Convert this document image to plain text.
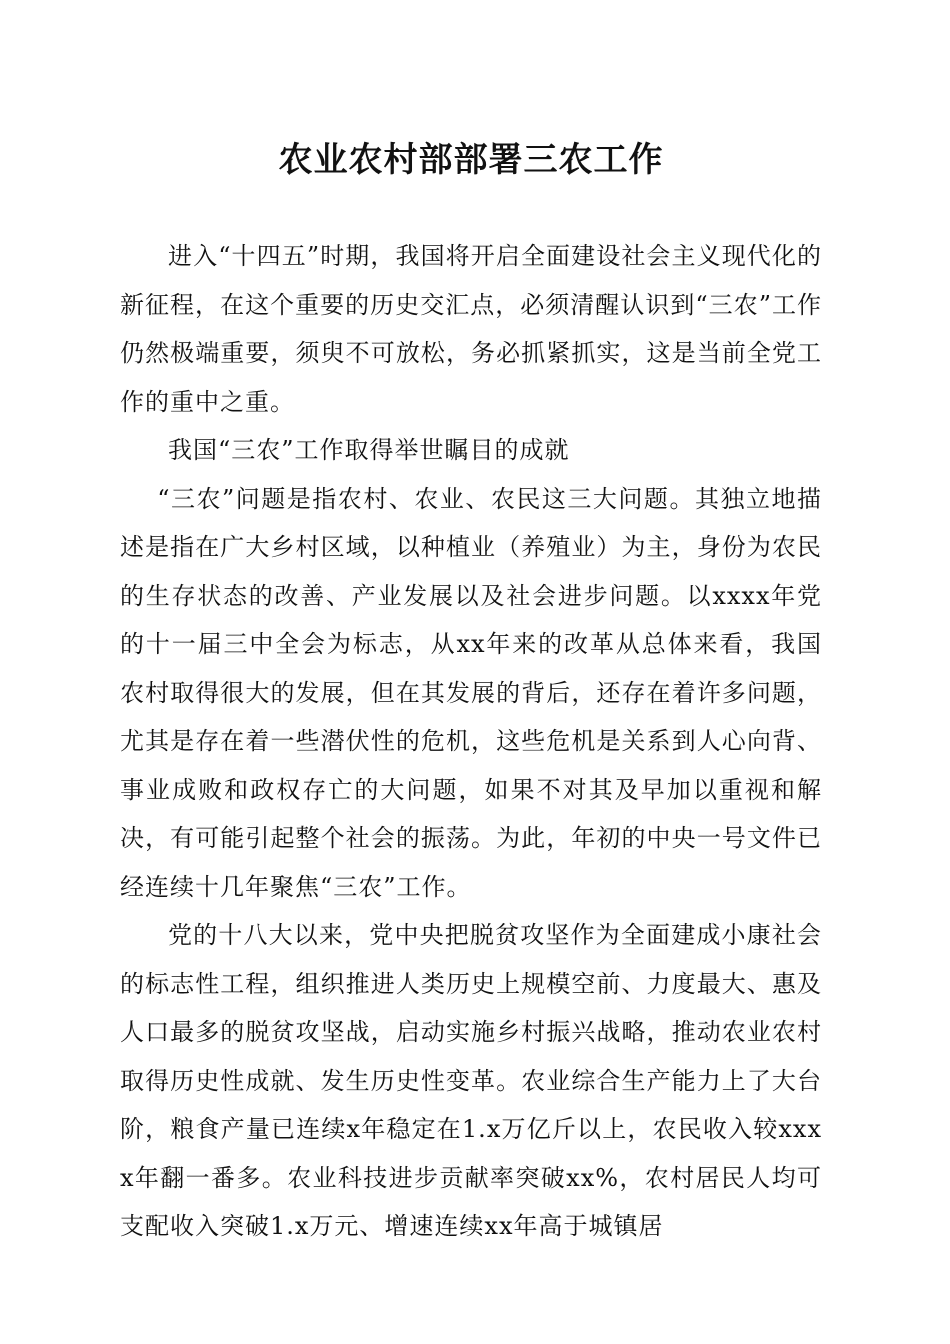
农业农村部部署三农工作

进入“十四五”时期，我国将开启全面建设社会主义现代化的新征程，在这个重要的历史交汇点，必须清醒认识到“三农”工作仍然极端重要，须臾不可放松，务必抓紧抓实，这是当前全党工作的重中之重。

我国“三农”工作取得举世瞩目的成就

“三农”问题是指农村、农业、农民这三大问题。其独立地描述是指在广大乡村区域，以种植业（养殖业）为主，身份为农民的生存状态的改善、产业发展以及社会进步问题。以xxxx年党的十一届三中全会为标志，从xx年来的改革从总体来看，我国农村取得很大的发展，但在其发展的背后，还存在着许多问题，尤其是存在着一些潜伏性的危机，这些危机是关系到人心向背、事业成败和政权存亡的大问题，如果不对其及早加以重视和解决，有可能引起整个社会的振荡。为此，年初的中央一号文件已经连续十几年聚焦“三农”工作。

党的十八大以来，党中央把脱贫攻坚作为全面建成小康社会的标志性工程，组织推进人类历史上规模空前、力度最大、惠及人口最多的脱贫攻坚战，启动实施乡村振兴战略，推动农业农村取得历史性成就、发生历史性变革。农业综合生产能力上了大台阶，粮食产量已连续x年稳定在1.x万亿斤以上，农民收入较xxxx年翻一番多。农业科技进步贡献率突破xx%，农村居民人均可支配收入突破1.x万元、增速连续xx年高于城镇居
